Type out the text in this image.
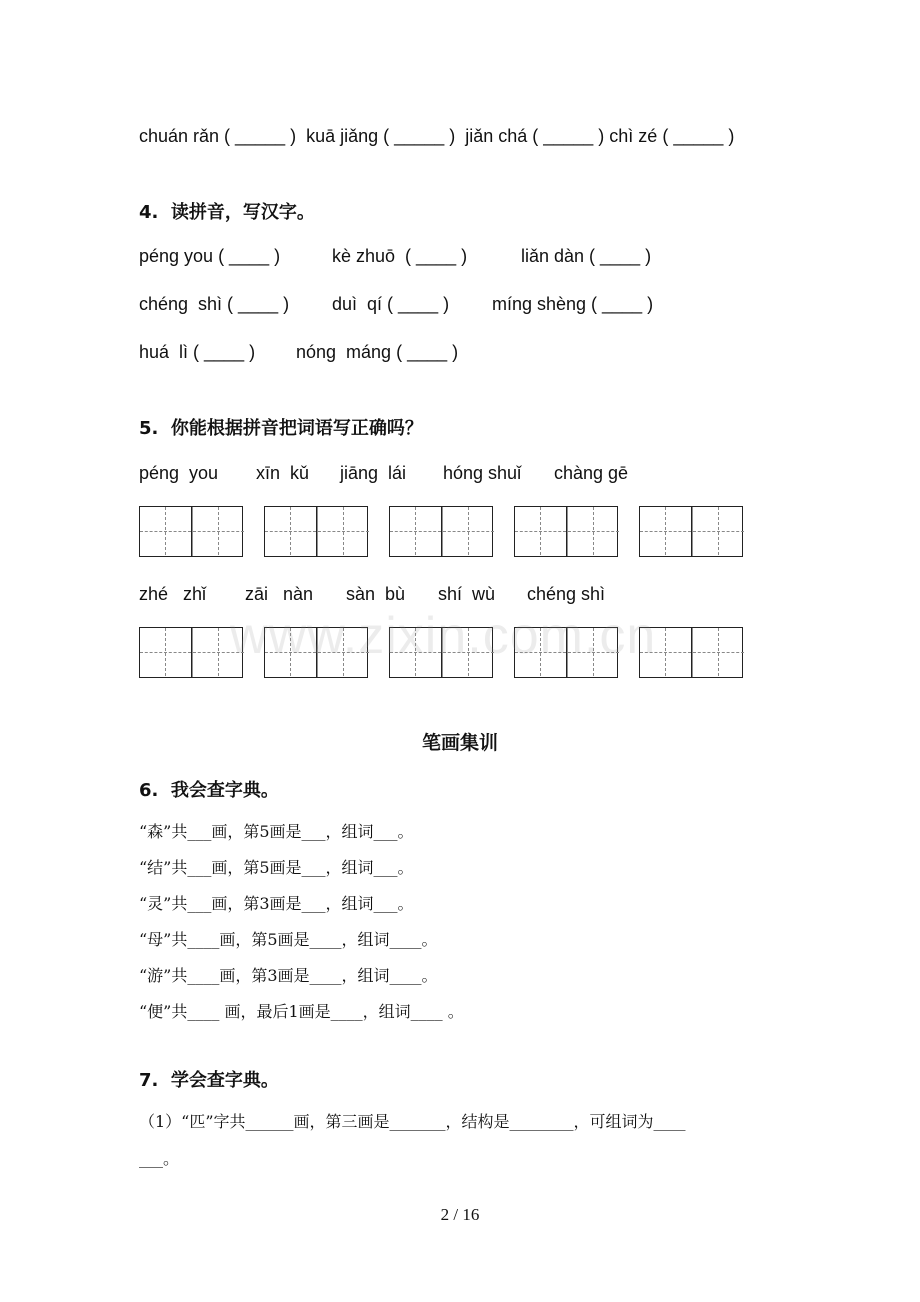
chuán rǎn ( _____ )  kuā jiǎng ( _____ )  jiǎn chá ( _____ ) chì zé ( _____ )
4.  读拼音，写汉字。
péng you ( ____ )	kè zhuō  ( ____ )	liǎn dàn ( ____ )
chéng  shì ( ____ ) duì  qí ( ____ ) míng shèng ( ____ )
huá  lì ( ____ ) nóng  máng ( ____ )
5.  你能根据拼音把词语写正确吗？
péng  you xīn  kǔ jiāng  lái hóng shuǐ chàng gē
zhé   zhǐ zāi   nàn sàn  bù shí  wù chéng shì
www.zixin.com.cn
笔画集训
6.  我会查字典。
“森”共___画，第5画是___，组词___。
“结”共___画，第5画是___，组词___。
“灵”共___画，第3画是___，组词___。
“母”共____画，第5画是____，组词____。
“游”共____画，第3画是____，组词____。
“便”共____ 画，最后1画是____，组词____ 。
7.  学会查字典。
（1）“匹”字共______画，第三画是_______，结构是________，可组词为____
___。
2 / 16
